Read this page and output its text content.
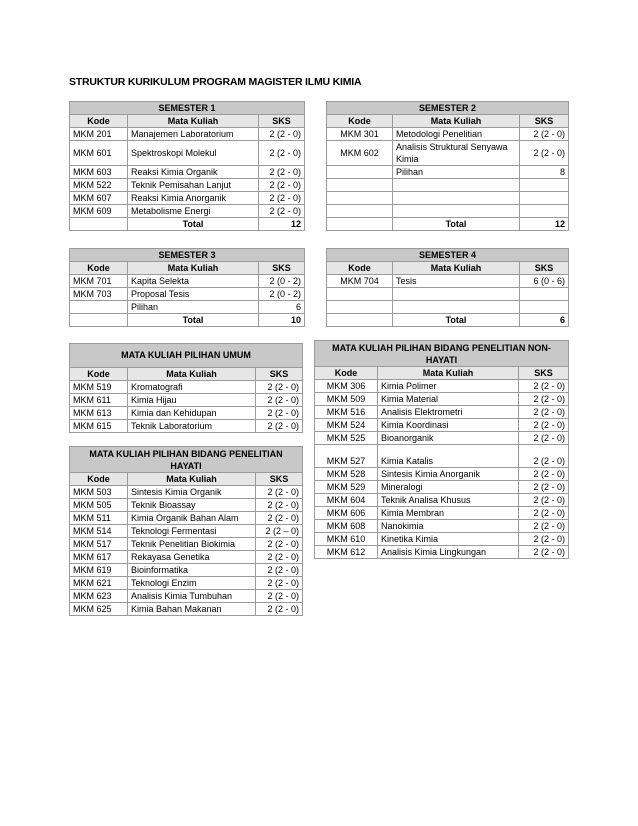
STRUKTUR KURIKULUM PROGRAM MAGISTER ILMU KIMIA
SEMESTER 1		
Kode	Mata Kuliah	SKS
MKM 201	Manajemen Laboratorium	2 (2 - 0)
MKM 601	Spektroskopi Molekul	2 (2 - 0)
MKM 603	Reaksi Kimia Organik	2 (2 - 0)
MKM 522	Teknik Pemisahan Lanjut	2 (2 - 0)
MKM 607	Reaksi Kimia Anorganik	2 (2 - 0)
MKM 609	Metabolisme Energi	2 (2 - 0)
	Total	12
SEMESTER 2		
Kode	Mata Kuliah	SKS
MKM 301	Metodologi Penelitian	2 (2 - 0)
MKM 602	Analisis Struktural Senyawa Kimia	2 (2 - 0)
	Pilihan	8

	Total	12
SEMESTER 3		
Kode	Mata Kuliah	SKS
MKM 701	Kapita Selekta	2 (0 - 2)
MKM 703	Proposal Tesis	2 (0 - 2)
	Pilihan	6
	Total	10
SEMESTER 4		
Kode	Mata Kuliah	SKS
MKM 704	Tesis	6 (0 - 6)

	Total	6
MATA KULIAH PILIHAN UMUM		
Kode	Mata Kuliah	SKS
MKM 519	Kromatografi	2 (2 - 0)
MKM 611	Kimia Hijau	2 (2 - 0)
MKM 613	Kimia dan Kehidupan	2 (2 - 0)
MKM 615	Teknik Laboratorium	2 (2 - 0)
MATA KULIAH PILIHAN BIDANG PENELITIAN HAYATI		
Kode	Mata Kuliah	SKS
MKM 503	Sintesis Kimia Organik	2 (2 - 0)
MKM 505	Teknik Bioassay	2 (2 - 0)
MKM 511	Kimia Organik Bahan Alam	2 (2 - 0)
MKM 514	Teknologi Fermentasi	2 (2 – 0)
MKM 517	Teknik Penelitian Biokimia	2 (2 - 0)
MKM 617	Rekayasa Genetika	2 (2 - 0)
MKM 619	Bioinformatika	2 (2 - 0)
MKM 621	Teknologi Enzim	2 (2 - 0)
MKM 623	Analisis Kimia Tumbuhan	2 (2 - 0)
MKM 625	Kimia Bahan Makanan	2 (2 - 0)
MATA KULIAH PILIHAN BIDANG PENELITIAN NON-HAYATI		
Kode	Mata Kuliah	SKS
MKM 306	Kimia Polimer	2 (2 - 0)
MKM 509	Kimia Material	2 (2 - 0)
MKM 516	Analisis Elektrometri	2 (2 - 0)
MKM 524	Kimia Koordinasi	2 (2 - 0)
MKM 525	Bioanorganik	2 (2 - 0)
MKM 527	Kimia Katalis	2 (2 - 0)
MKM 528	Sintesis Kimia Anorganik	2 (2 - 0)
MKM 529	Mineralogi	2 (2 - 0)
MKM 604	Teknik Analisa Khusus	2 (2 - 0)
MKM 606	Kimia Membran	2 (2 - 0)
MKM 608	Nanokimia	2 (2 - 0)
MKM 610	Kinetika Kimia	2 (2 - 0)
MKM 612	Analisis Kimia Lingkungan	2 (2 - 0)
